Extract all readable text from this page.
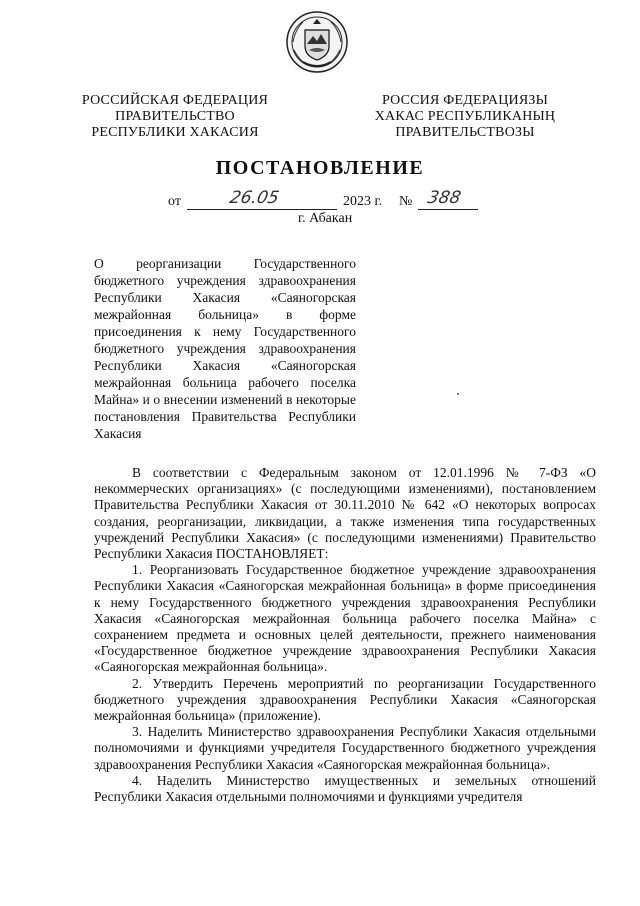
РОССИЙСКАЯ ФЕДЕРАЦИЯ
ПРАВИТЕЛЬСТВО
РЕСПУБЛИКИ ХАКАСИЯ
РОССИЯ ФЕДЕРАЦИЯЗЫ
ХАКАС РЕСПУБЛИКАНЫҢ
ПРАВИТЕЛЬСТВОЗЫ
ПОСТАНОВЛЕНИЕ
от	26.05	2023 г. № 388
г. Абакан
О реорганизации Государственного бюджетного учреждения здравоохранения Республики Хакасия «Саяногорская межрайонная больница» в форме присоединения к нему Государственного бюджетного учреждения здравоохранения Республики Хакасия «Саяногорская межрайонная больница рабочего поселка Майна» и о внесении изменений в некоторые постановления Правительства Республики Хакасия

В соответствии с Федеральным законом от 12.01.1996 № 7-ФЗ «О некоммерческих организациях» (с последующими изменениями), постановлением Правительства Республики Хакасия от 30.11.2010 № 642 «О некоторых вопросах создания, реорганизации, ликвидации, а также изменения типа государственных учреждений Республики Хакасия» (с последующими изменениями) Правительство Республики Хакасия ПОСТАНОВЛЯЕТ:

1. Реорганизовать Государственное бюджетное учреждение здравоохранения Республики Хакасия «Саяногорская межрайонная больница» в форме присоединения к нему Государственного бюджетного учреждения здравоохранения Республики Хакасия «Саяногорская межрайонная больница рабочего поселка Майна» с сохранением предмета и основных целей деятельности, прежнего наименования «Государственное бюджетное учреждение здравоохранения Республики Хакасия «Саяногорская межрайонная больница».

2. Утвердить Перечень мероприятий по реорганизации Государственного бюджетного учреждения здравоохранения Республики Хакасия «Саяногорская межрайонная больница» (приложение).

3. Наделить Министерство здравоохранения Республики Хакасия отдельными полномочиями и функциями учредителя Государственного бюджетного учреждения здравоохранения Республики Хакасия «Саяногорская межрайонная больница».

4. Наделить Министерство имущественных и земельных отношений Республики Хакасия отдельными полномочиями и функциями учредителя
